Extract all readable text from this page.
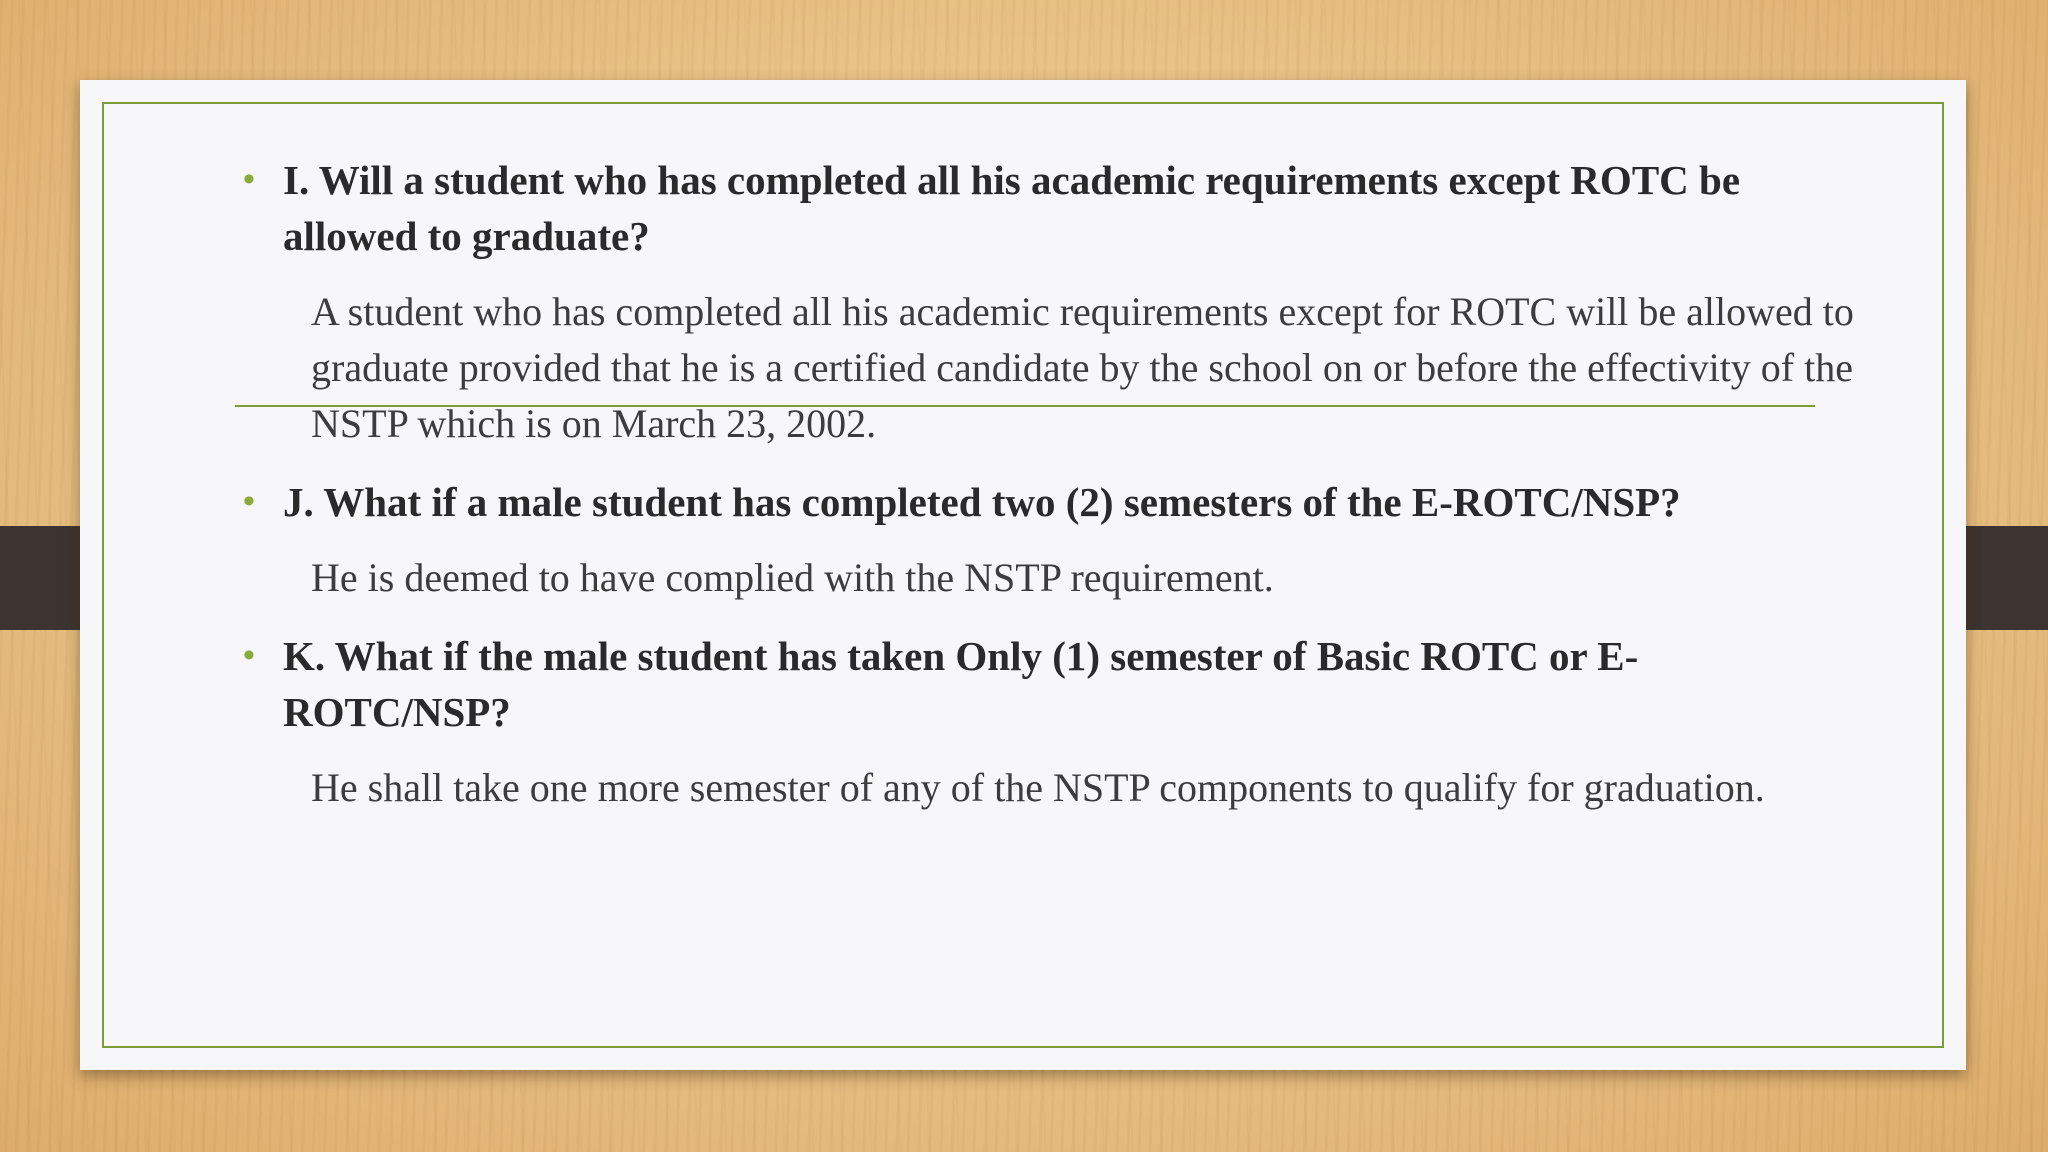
• I. Will a student who has completed all his academic requirements except ROTC be allowed to graduate?
A student who has completed all his academic requirements except for ROTC will be allowed to graduate provided that he is a certified candidate by the school on or before the effectivity of the NSTP which is on March 23, 2002.
• J. What if a male student has completed two (2) semesters of the E-ROTC/NSP?
He is deemed to have complied with the NSTP requirement.
• K. What if the male student has taken Only (1) semester of Basic ROTC or E-ROTC/NSP?
He shall take one more semester of any of the NSTP components to qualify for graduation.
